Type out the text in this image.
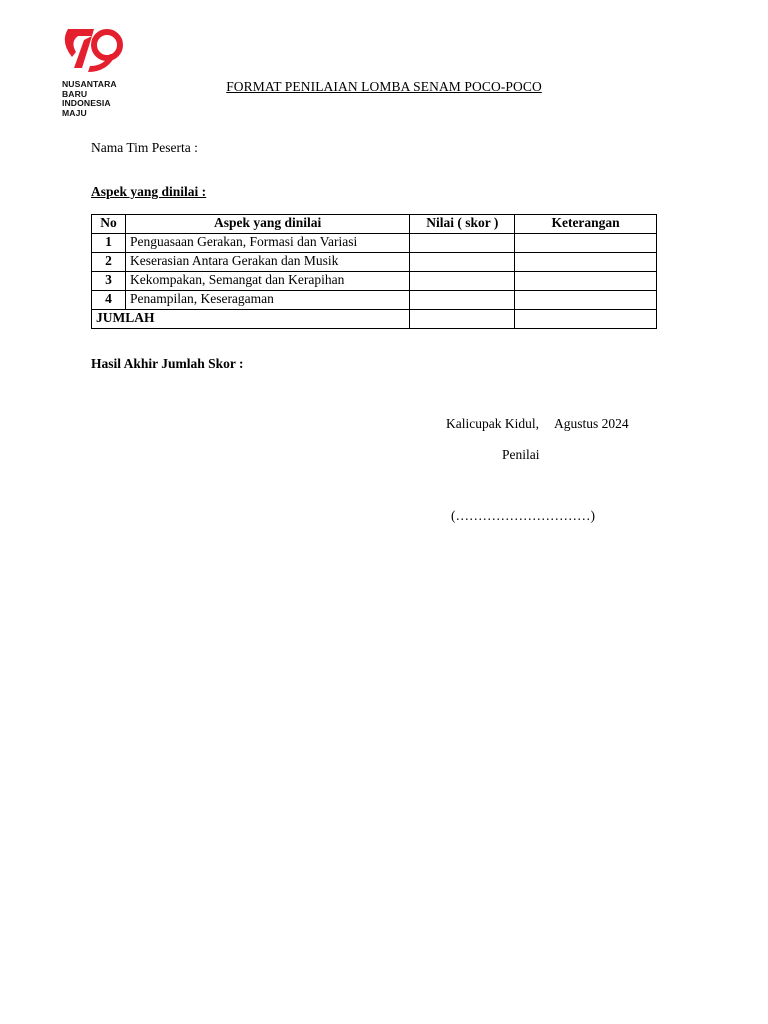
NUSANTARA
BARU
INDONESIA
MAJU
FORMAT PENILAIAN LOMBA SENAM POCO-POCO
Nama Tim Peserta :
Aspek yang dinilai :
No	Aspek yang dinilai	Nilai ( skor )	Keterangan
1	Penguasaan Gerakan, Formasi dan Variasi		
2	Keserasian Antara Gerakan dan Musik		
3	Kekompakan, Semangat dan Kerapihan		
4	Penampilan, Keseragaman		
JUMLAH			
Hasil Akhir Jumlah Skor :
Kalicupak Kidul, Agustus 2024
Penilai
(…………………………)
